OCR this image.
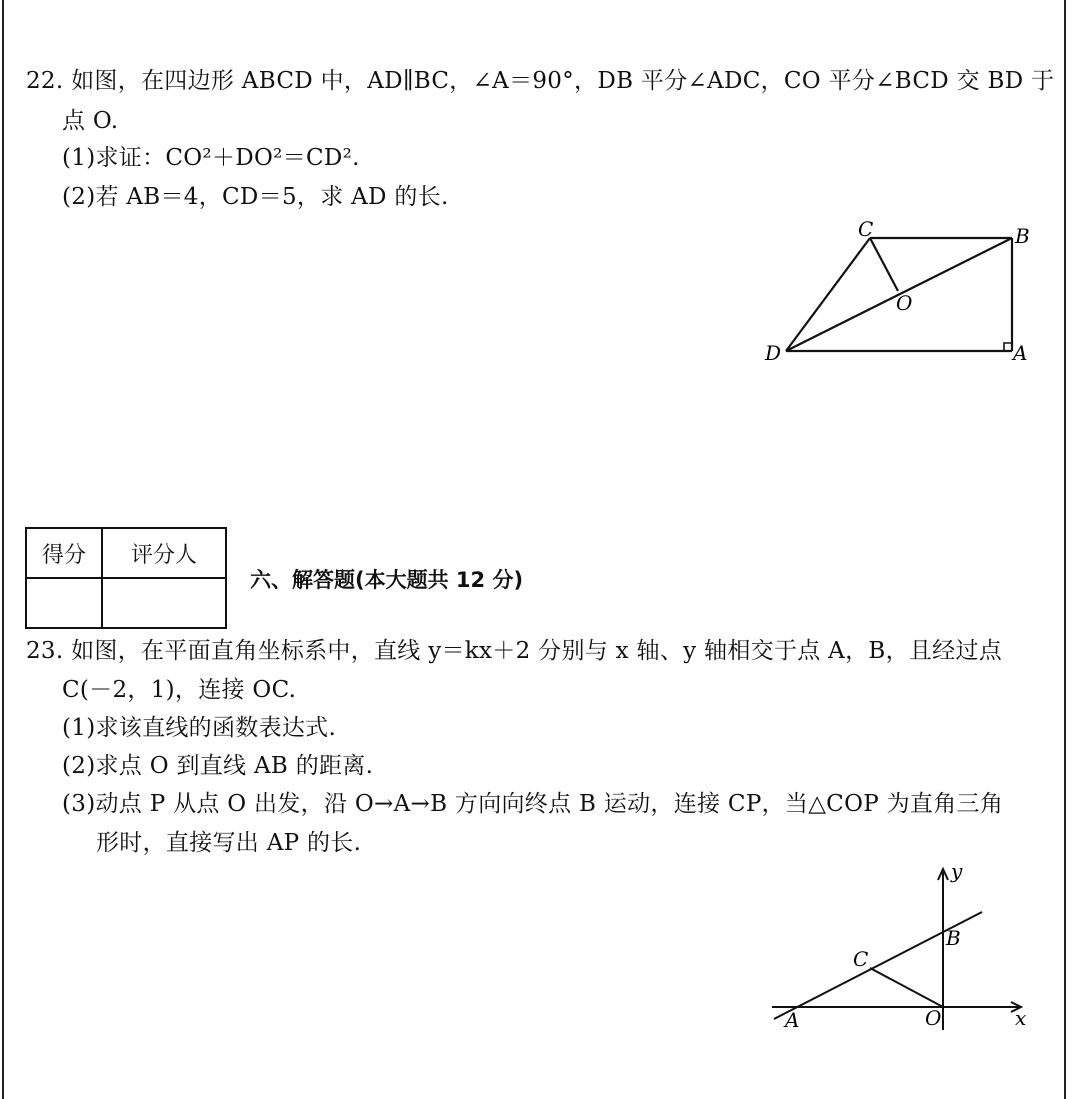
22. 如图，在四边形 ABCD 中，AD∥BC，∠A＝90°，DB 平分∠ADC，CO 平分∠BCD 交 BD 于
点 O.
(1)求证：CO²＋DO²＝CD².
(2)若 AB＝4，CD＝5，求 AD 的长.
C	B
O
D	A
得分	评分人

六、解答题(本大题共 12 分)
23. 如图，在平面直角坐标系中，直线 y＝kx＋2 分别与 x 轴、y 轴相交于点 A，B，且经过点
C(－2，1)，连接 OC.
(1)求该直线的函数表达式.
(2)求点 O 到直线 AB 的距离.
(3)动点 P 从点 O 出发，沿 O→A→B 方向向终点 B 运动，连接 CP，当△COP 为直角三角
形时，直接写出 AP 的长.
y
x
B
C
A	O
